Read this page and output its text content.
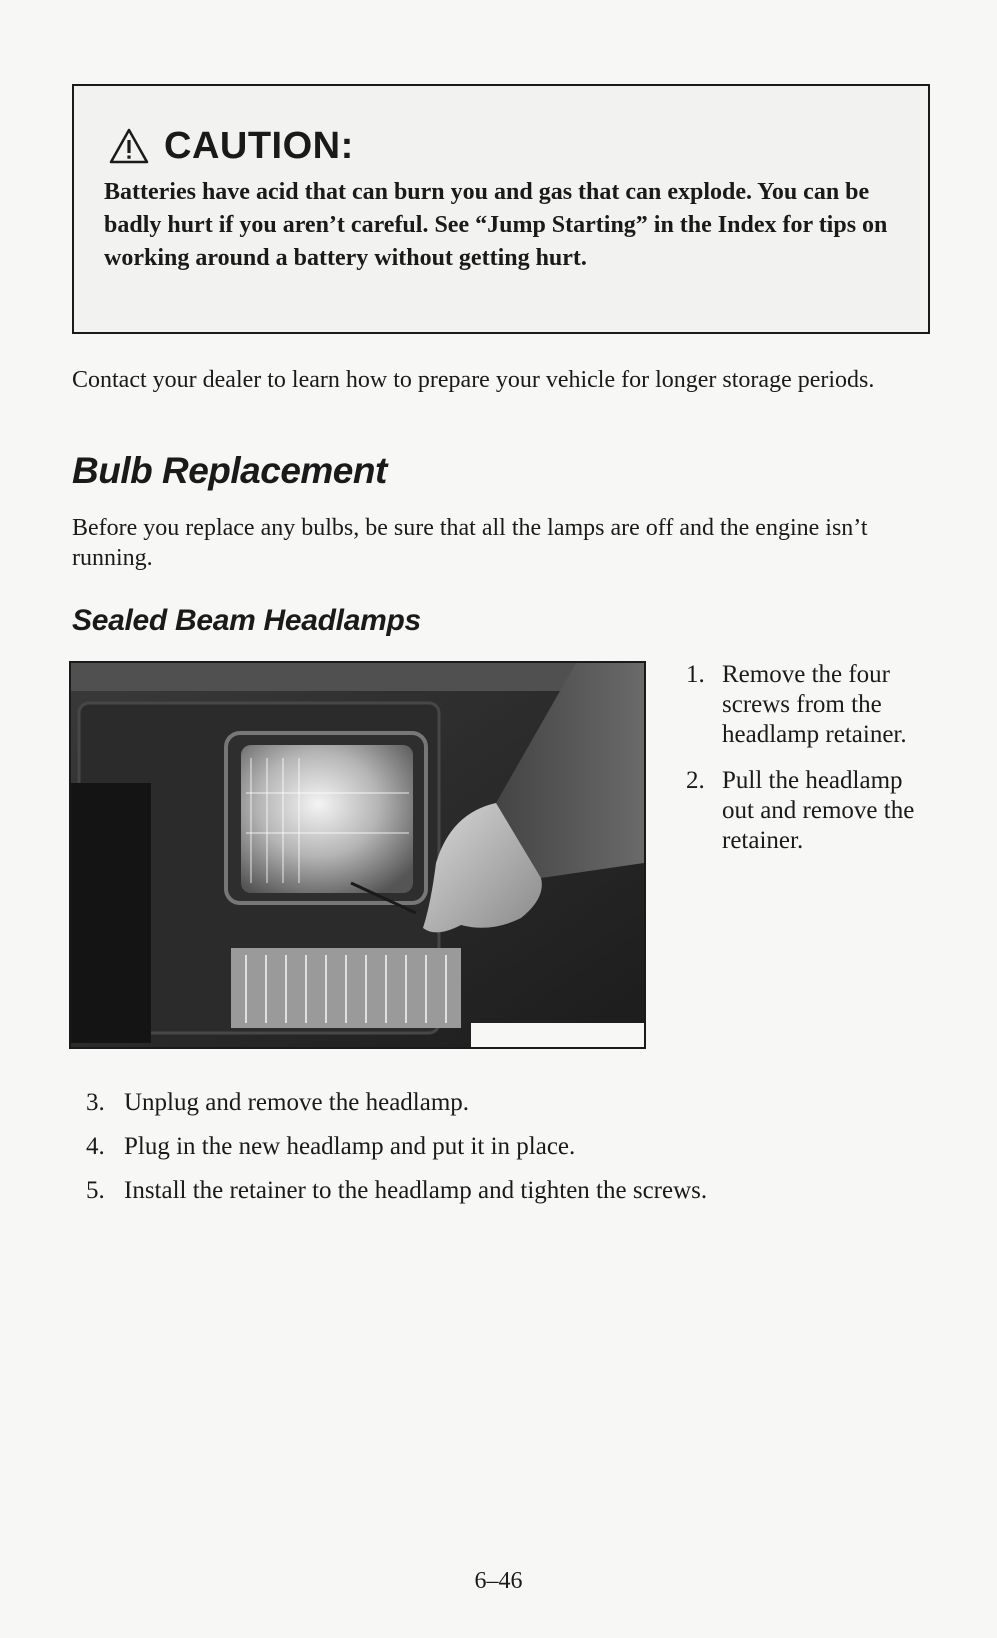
CAUTION:

Batteries have acid that can burn you and gas that can explode. You can be badly hurt if you aren’t careful. See “Jump Starting” in the Index for tips on working around a battery without getting hurt.

Contact your dealer to learn how to prepare your vehicle for longer storage periods.

Bulb Replacement

Before you replace any bulbs, be sure that all the lamps are off and the engine isn’t running.

Sealed Beam Headlamps
1. Remove the four screws from the headlamp retainer.
2. Pull the headlamp out and remove the retainer.
3. Unplug and remove the headlamp.
4. Plug in the new headlamp and put it in place.
5. Install the retainer to the headlamp and tighten the screws.
6–46
